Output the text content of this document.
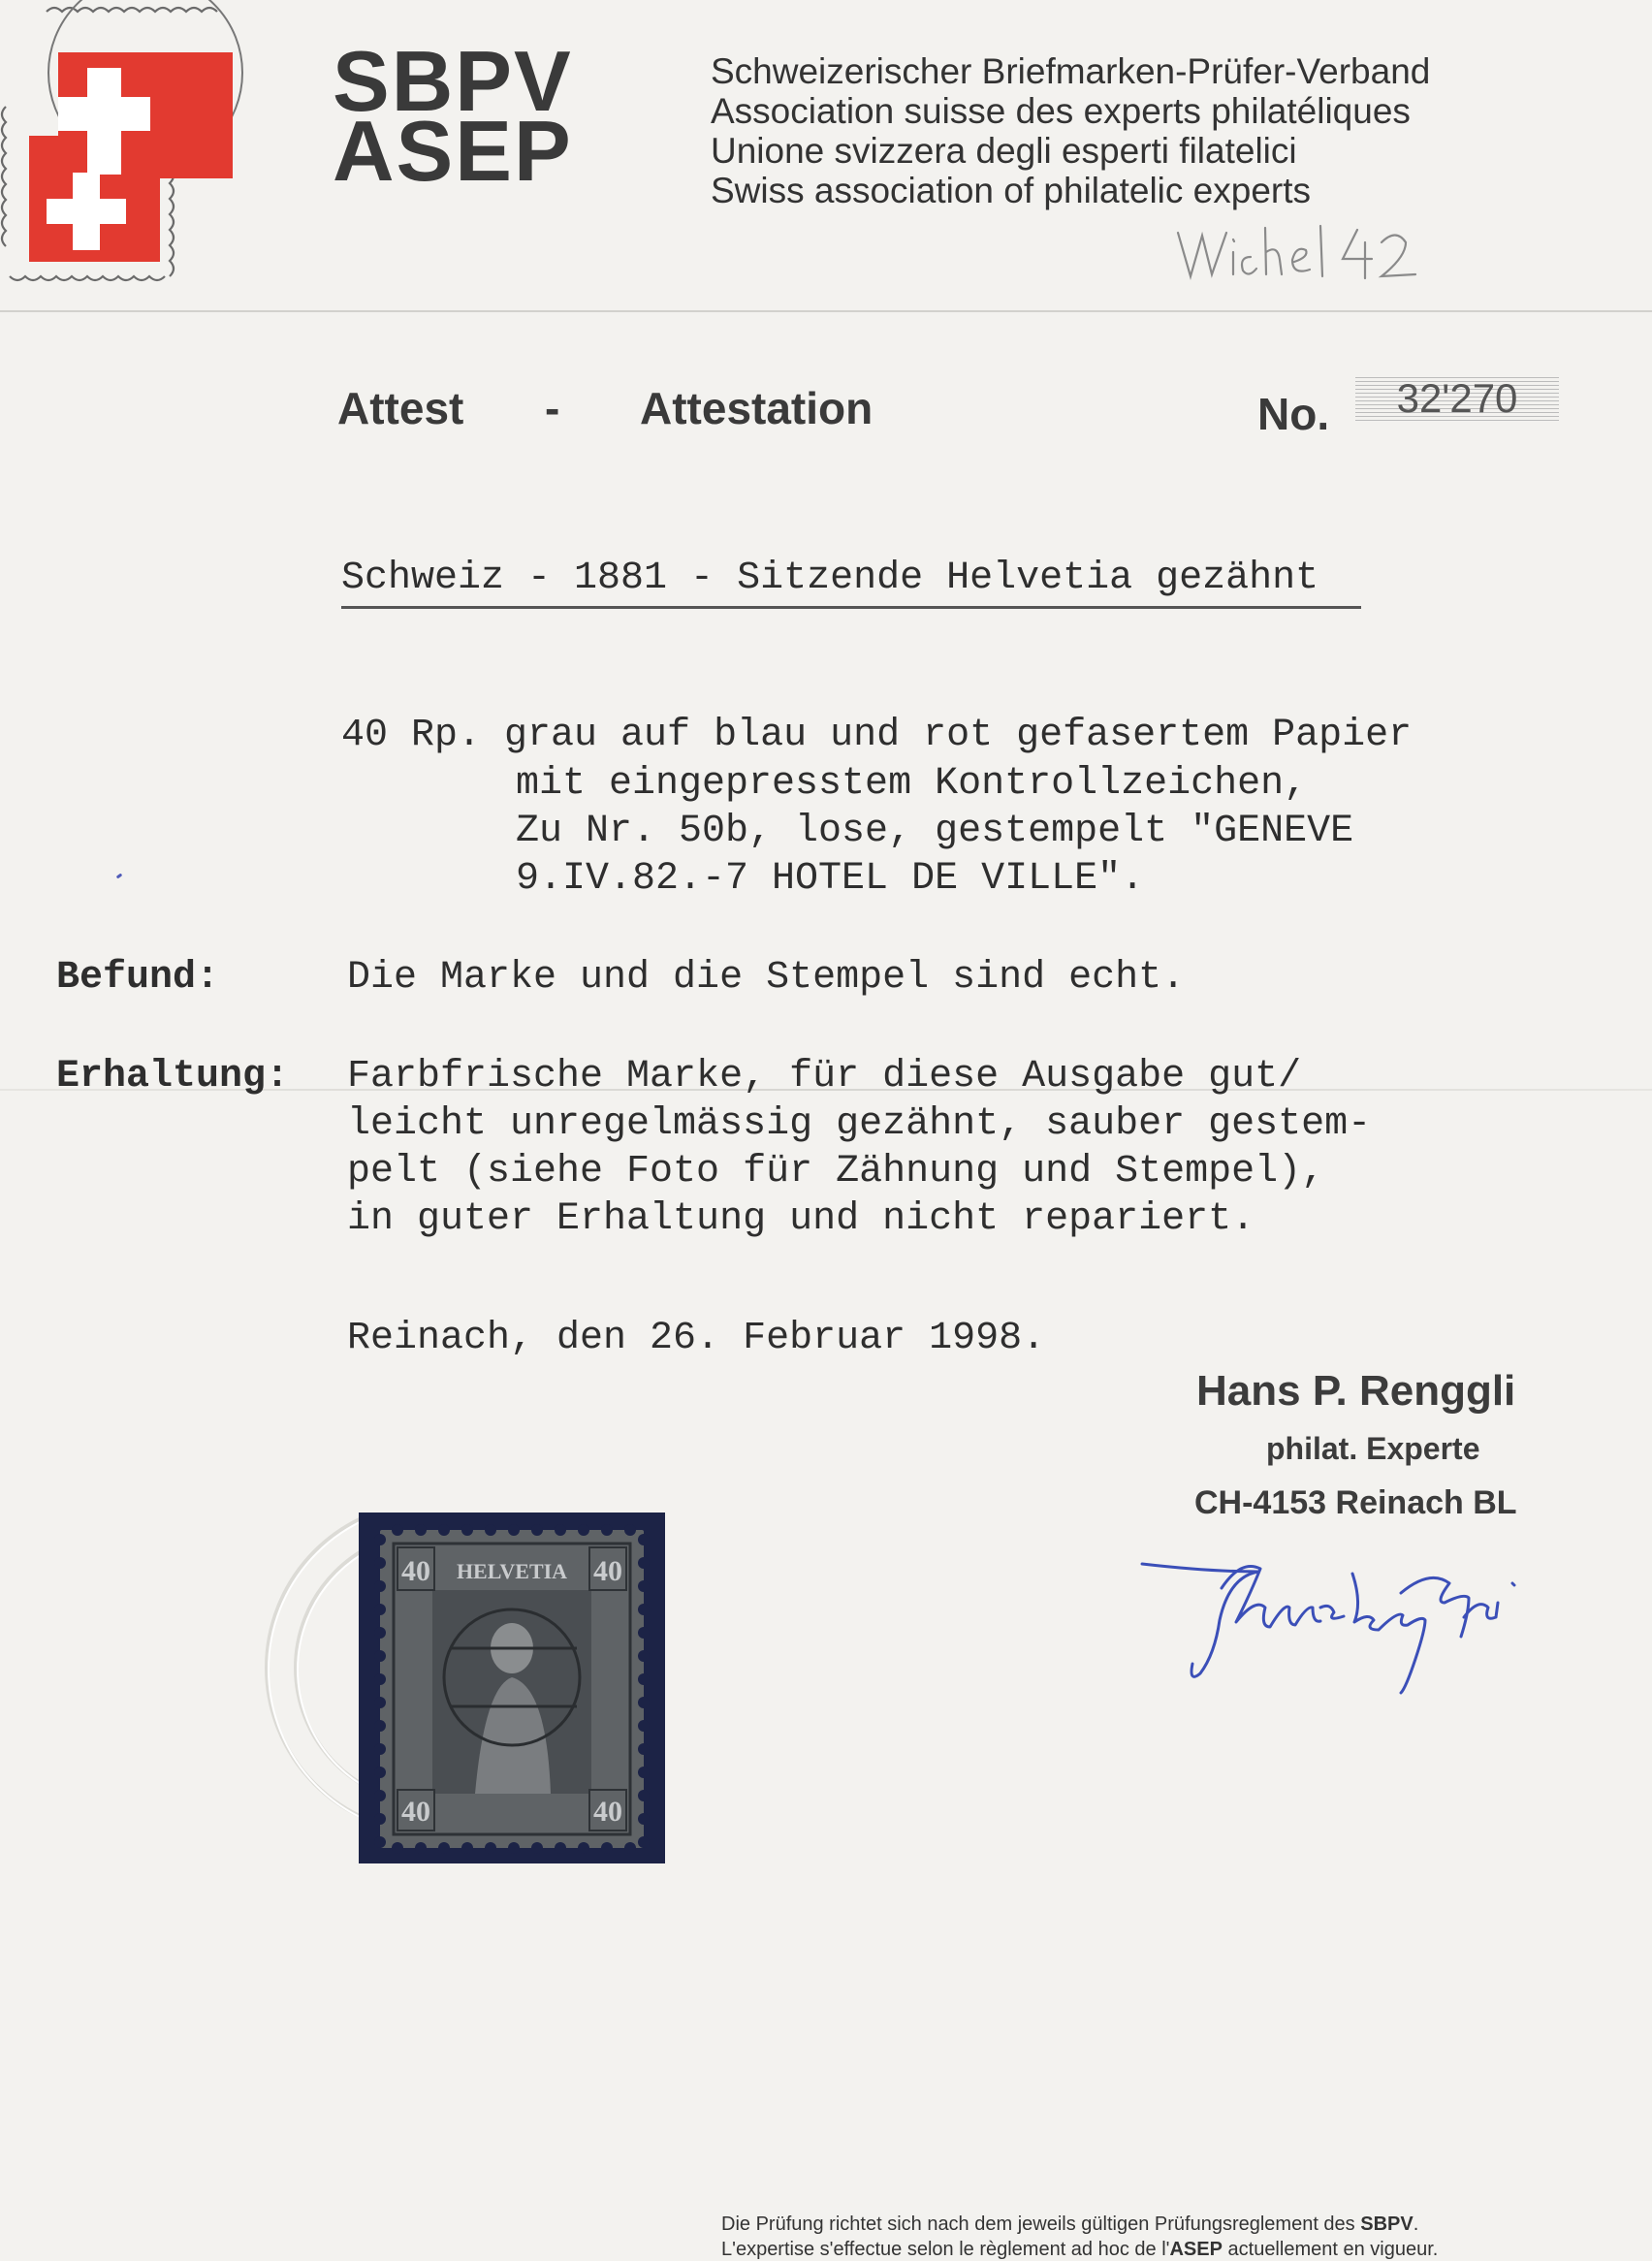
SBPV
ASEP
Schweizerischer Briefmarken-Prüfer-Verband
Association suisse des experts philatéliques
Unione svizzera degli esperti filatelici
Swiss association of philatelic experts
Attest - Attestation	No.	32'270
Schweiz - 1881 - Sitzende Helvetia gezähnt
40 Rp. grau auf blau und rot gefasertem Papier
mit eingepresstem Kontrollzeichen,
Zu Nr. 50b, lose, gestempelt "GENEVE
9.IV.82.-7 HOTEL DE VILLE".
Befund:	Die Marke und die Stempel sind echt.
Erhaltung: Farbfrische Marke, für diese Ausgabe gut/
leicht unregelmässig gezähnt, sauber gestem-
pelt (siehe Foto für Zähnung und Stempel),
in guter Erhaltung und nicht repariert.
Reinach, den 26. Februar 1998.
Hans P. Renggli
philat. Experte
CH-4153 Reinach BL
40	40
40	40
HELVETIA
Die Prüfung richtet sich nach dem jeweils gültigen Prüfungsreglement des SBPV.
L'expertise s'effectue selon le règlement ad hoc de l'ASEP actuellement en vigueur.
